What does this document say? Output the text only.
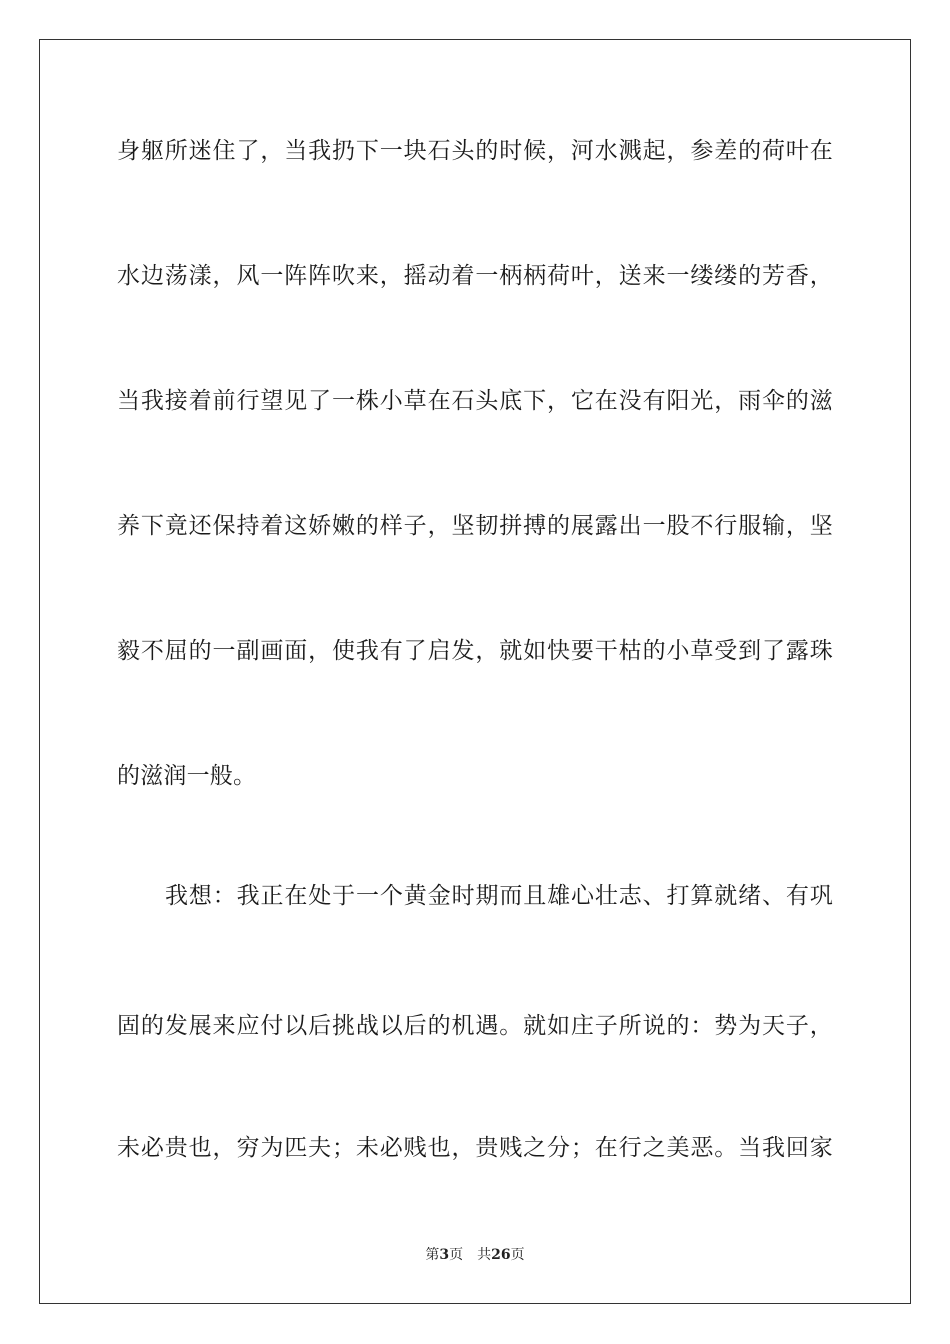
身躯所迷住了，当我扔下一块石头的时候，河水溅起，参差的荷叶在
水边荡漾，风一阵阵吹来，摇动着一柄柄荷叶，送来一缕缕的芳香，
当我接着前行望见了一株小草在石头底下，它在没有阳光，雨伞的滋
养下竟还保持着这娇嫩的样子，坚韧拼搏的展露出一股不行服输，坚
毅不屈的一副画面，使我有了启发，就如快要干枯的小草受到了露珠
的滋润一般。
我想：我正在处于一个黄金时期而且雄心壮志、打算就绪、有巩
固的发展来应付以后挑战以后的机遇。就如庄子所说的：势为天子，
未必贵也，穷为匹夫；未必贱也，贵贱之分；在行之美恶。当我回家
第3页 共26页
